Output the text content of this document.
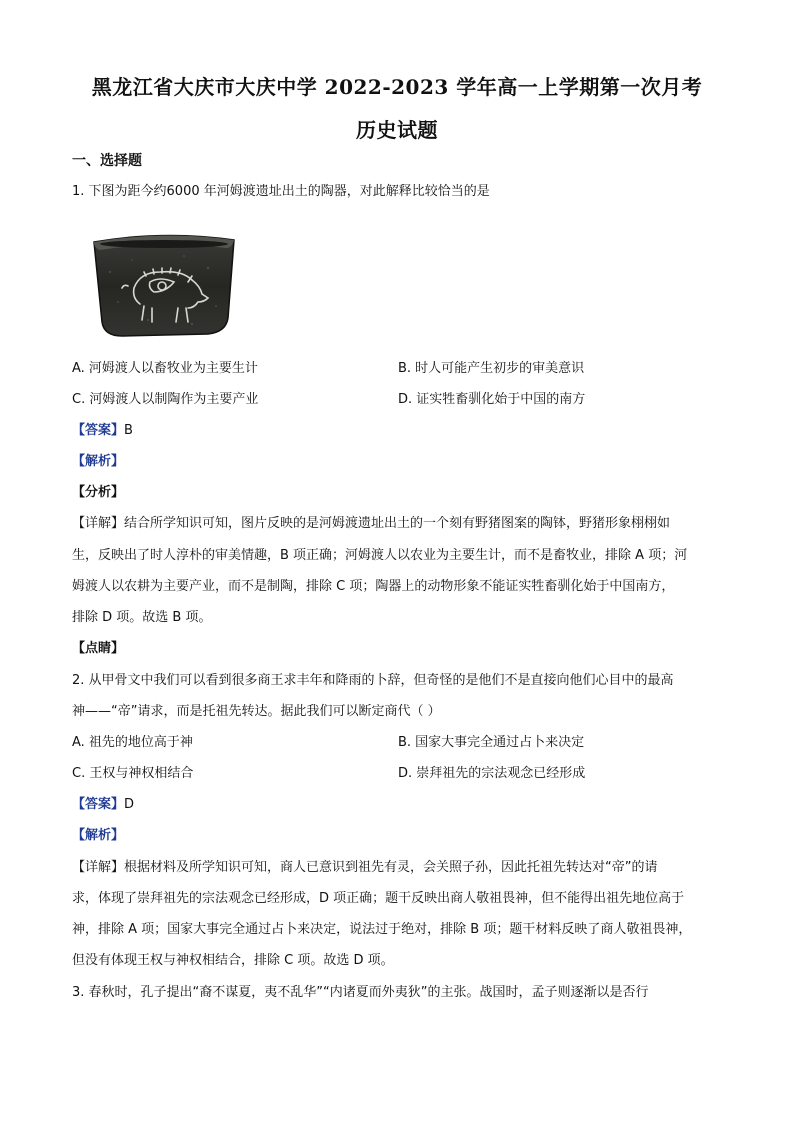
黑龙江省大庆市大庆中学 2022-2023 学年高一上学期第一次月考
历史试题
一、选择题
1. 下图为距今约6000 年河姆渡遗址出土的陶器，对此解释比较恰当的是
A. 河姆渡人以畜牧业为主要生计	B. 时人可能产生初步的审美意识
C. 河姆渡人以制陶作为主要产业	D. 证实牲畜驯化始于中国的南方
【答案】B
【解析】
【分析】
【详解】结合所学知识可知，图片反映的是河姆渡遗址出土的一个刻有野猪图案的陶钵，野猪形象栩栩如
生，反映出了时人淳朴的审美情趣，B 项正确；河姆渡人以农业为主要生计，而不是畜牧业，排除 A 项；河
姆渡人以农耕为主要产业，而不是制陶，排除 C 项；陶器上的动物形象不能证实牲畜驯化始于中国南方，
排除 D 项。故选 B 项。
【点睛】
2. 从甲骨文中我们可以看到很多商王求丰年和降雨的卜辞，但奇怪的是他们不是直接向他们心目中的最高
神——“帝”请求，而是托祖先转达。据此我们可以断定商代（ ）
A. 祖先的地位高于神	B. 国家大事完全通过占卜来决定
C. 王权与神权相结合	D. 崇拜祖先的宗法观念已经形成
【答案】D
【解析】
【详解】根据材料及所学知识可知，商人已意识到祖先有灵，会关照子孙，因此托祖先转达对“帝”的请
求，体现了崇拜祖先的宗法观念已经形成，D 项正确；题干反映出商人敬祖畏神，但不能得出祖先地位高于
神，排除 A 项；国家大事完全通过占卜来决定，说法过于绝对，排除 B 项；题干材料反映了商人敬祖畏神，
但没有体现王权与神权相结合，排除 C 项。故选 D 项。
3. 春秋时，孔子提出“裔不谋夏，夷不乱华”“内诸夏而外夷狄”的主张。战国时，孟子则逐渐以是否行
